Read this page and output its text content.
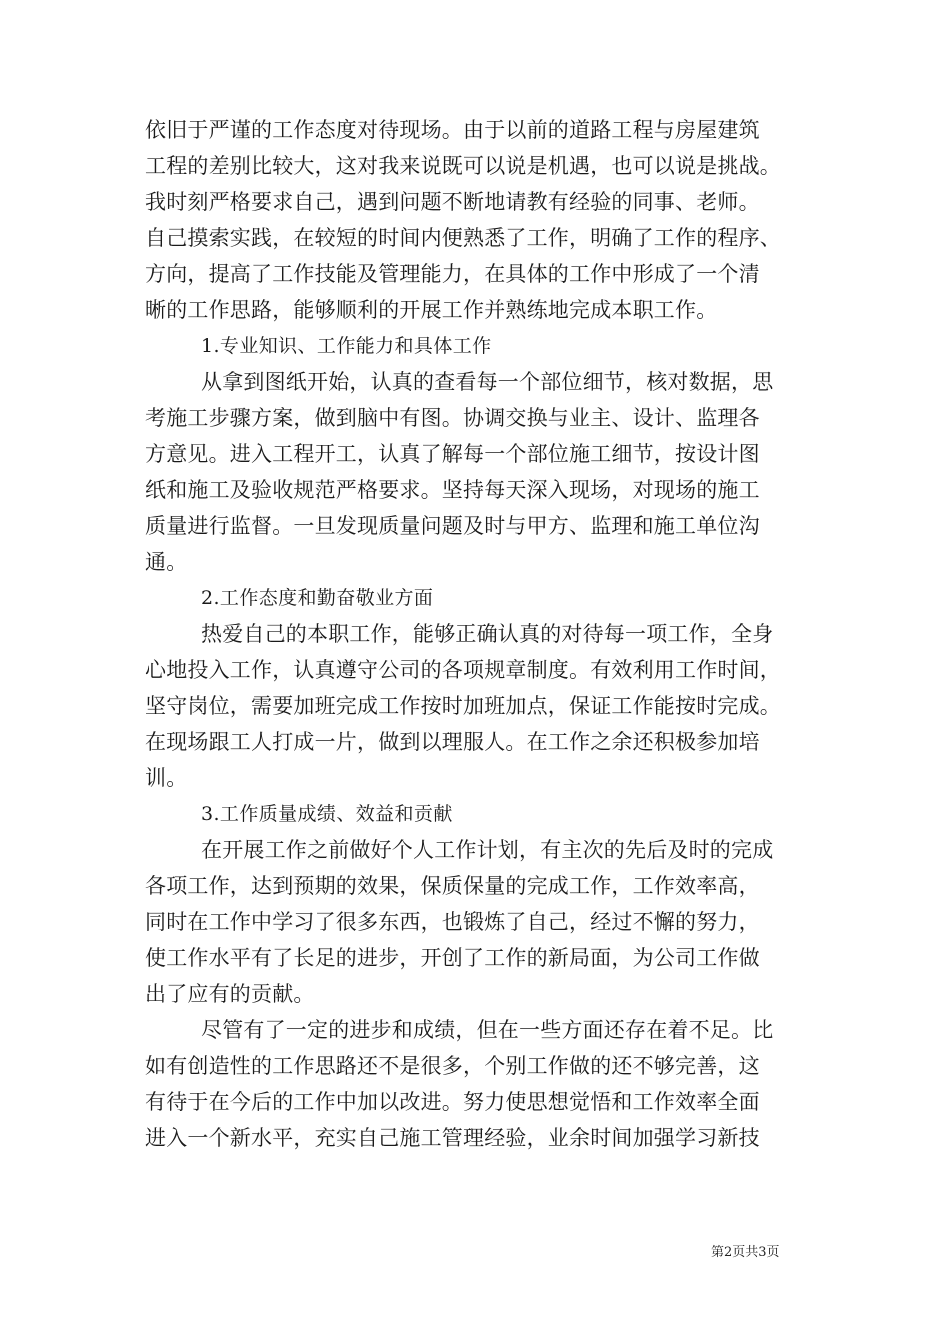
依旧于严谨的工作态度对待现场。由于以前的道路工程与房屋建筑
工程的差别比较大，这对我来说既可以说是机遇，也可以说是挑战。
我时刻严格要求自己，遇到问题不断地请教有经验的同事、老师。
自己摸索实践，在较短的时间内便熟悉了工作，明确了工作的程序、
方向，提高了工作技能及管理能力，在具体的工作中形成了一个清
晰的工作思路，能够顺利的开展工作并熟练地完成本职工作。
1.专业知识、工作能力和具体工作
从拿到图纸开始，认真的查看每一个部位细节，核对数据，思
考施工步骤方案，做到脑中有图。协调交换与业主、设计、监理各
方意见。进入工程开工，认真了解每一个部位施工细节，按设计图
纸和施工及验收规范严格要求。坚持每天深入现场，对现场的施工
质量进行监督。一旦发现质量问题及时与甲方、监理和施工单位沟
通。
2.工作态度和勤奋敬业方面
热爱自己的本职工作，能够正确认真的对待每一项工作，全身
心地投入工作，认真遵守公司的各项规章制度。有效利用工作时间，
坚守岗位，需要加班完成工作按时加班加点，保证工作能按时完成。
在现场跟工人打成一片，做到以理服人。在工作之余还积极参加培
训。
3.工作质量成绩、效益和贡献
在开展工作之前做好个人工作计划，有主次的先后及时的完成
各项工作，达到预期的效果，保质保量的完成工作，工作效率高，
同时在工作中学习了很多东西，也锻炼了自己，经过不懈的努力，
使工作水平有了长足的进步，开创了工作的新局面，为公司工作做
出了应有的贡献。
尽管有了一定的进步和成绩，但在一些方面还存在着不足。比
如有创造性的工作思路还不是很多，个别工作做的还不够完善，这
有待于在今后的工作中加以改进。努力使思想觉悟和工作效率全面
进入一个新水平，充实自己施工管理经验，业余时间加强学习新技
第2页共3页
